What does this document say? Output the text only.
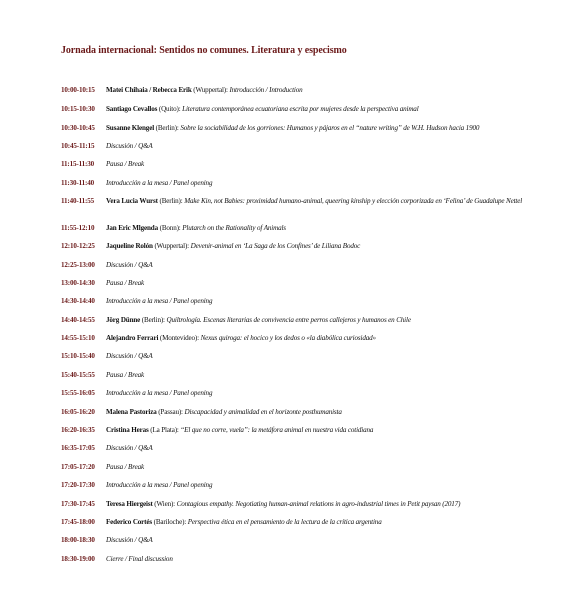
Jornada internacional: Sentidos no comunes. Literatura y especismo
10:00-10:15	Matei Chihaia / Rebecca Erik (Wuppertal): Introducción / Introduction
10:15-10:30	Santiago Cevallos (Quito): Literatura contemporánea ecuatoriana escrita por mujeres desde la perspectiva animal
10:30-10:45	Susanne Klengel (Berlin): Sobre la sociabilidad de los gorriones: Humanos y pájaros en el “nature writing” de W.H. Hudson hacia 1900
10:45-11:15	Discusión / Q&A
11:15-11:30	Pausa / Break
11:30-11:40	Introducción a la mesa / Panel opening
11:40-11:55	Vera Lucia Wurst (Berlin): Make Kin, not Babies: proximidad humano-animal, queering kinship y elección corporizada en ‘Felina’ de Guadalupe Nettel
11:55-12:10	Jan Eric Mlgenda (Bonn): Plutarch on the Rationality of Animals
12:10-12:25	Jaqueline Rolón (Wuppertal): Devenir-animal en ‘La Saga de los Confines’ de Liliana Bodoc
12:25-13:00	Discusión / Q&A
13:00-14:30	Pausa / Break
14:30-14:40	Introducción a la mesa / Panel opening
14:40-14:55	Jörg Dünne (Berlin): Quiltrología. Escenas literarias de convivencia entre perros callejeros y humanos en Chile
14:55-15:10	Alejandro Ferrari (Montevideo): Nexus quiroga: el hocico y los dedos o «la diabólica curiosidad»
15:10-15:40	Discusión / Q&A
15:40-15:55	Pausa / Break
15:55-16:05	Introducción a la mesa / Panel opening
16:05-16:20	Malena Pastoriza (Passau): Discapacidad y animalidad en el horizonte posthumanista
16:20-16:35	Cristina Heras (La Plata): “El que no corre, vuela”: la metáfora animal en nuestra vida cotidiana
16:35-17:05	Discusión / Q&A
17:05-17:20	Pausa / Break
17:20-17:30	Introducción a la mesa / Panel opening
17:30-17:45	Teresa Hiergeist (Wien): Contagious empathy. Negotiating human-animal relations in agro-industrial times in Petit paysan (2017)
17:45-18:00	Federico Cortés (Bariloche): Perspectiva ética en el pensamiento de la lectura de la crítica argentina
18:00-18:30	Discusión / Q&A
18:30-19:00	Cierre / Final discussion
